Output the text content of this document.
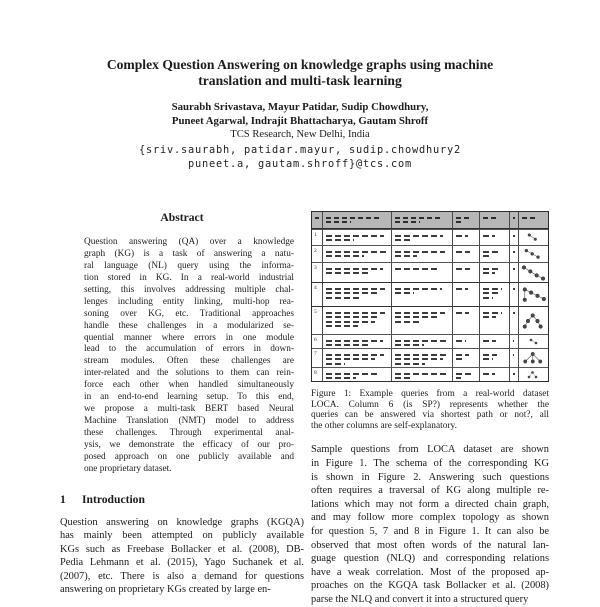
Complex Question Answering on knowledge graphs using machine
translation and multi-task learning
Saurabh Srivastava, Mayur Patidar, Sudip Chowdhury,
Puneet Agarwal, Indrajit Bhattacharya, Gautam Shroff
TCS Research, New Delhi, India
{sriv.saurabh, patidar.mayur, sudip.chowdhury2
puneet.a, gautam.shroff}@tcs.com
Abstract
Question answering (QA) over a knowledge
graph (KG) is a task of answering a natu-
ral language (NL) query using the informa-
tion stored in KG. In a real-world industrial
setting, this involves addressing multiple chal-
lenges including entity linking, multi-hop rea-
soning over KG, etc. Traditional approaches
handle these challenges in a modularized se-
quential manner where errors in one module
lead to the accumulation of errors in down-
stream modules. Often these challenges are
inter-related and the solutions to them can rein-
force each other when handled simultaneously
in an end-to-end learning setup. To this end,
we propose a multi-task BERT based Neural
Machine Translation (NMT) model to address
these challenges. Through experimental anal-
ysis, we demonstrate the efficacy of our pro-
posed approach on one publicly available and
one proprietary dataset.
1 Introduction
Question answering on knowledge graphs (KGQA)
has mainly been attempted on publicly available
KGs such as Freebase Bollacker et al. (2008), DB-
Pedia Lehmann et al. (2015), Yago Suchanek et al.
(2007), etc. There is also a demand for questions
answering on proprietary KGs created by large en-
1
2
3
4
5
6
7
8
Figure 1: Example queries from a real-world dataset
LOCA. Column 6 (is SP?) represents whether the
queries can be answered via shortest path or not?, all
the other columns are self-explanatory.
Sample questions from LOCA dataset are shown
in Figure 1. The schema of the corresponding KG
is shown in Figure 2. Answering such questions
often requires a traversal of KG along multiple re-
lations which may not form a directed chain graph,
and may follow more complex topology as shown
for question 5, 7 and 8 in Figure 1. It can also be
observed that most often words of the natural lan-
guage question (NLQ) and corresponding relations
have a weak correlation. Most of the proposed ap-
proaches on the KGQA task Bollacker et al. (2008)
parse the NLQ and convert it into a structured query
